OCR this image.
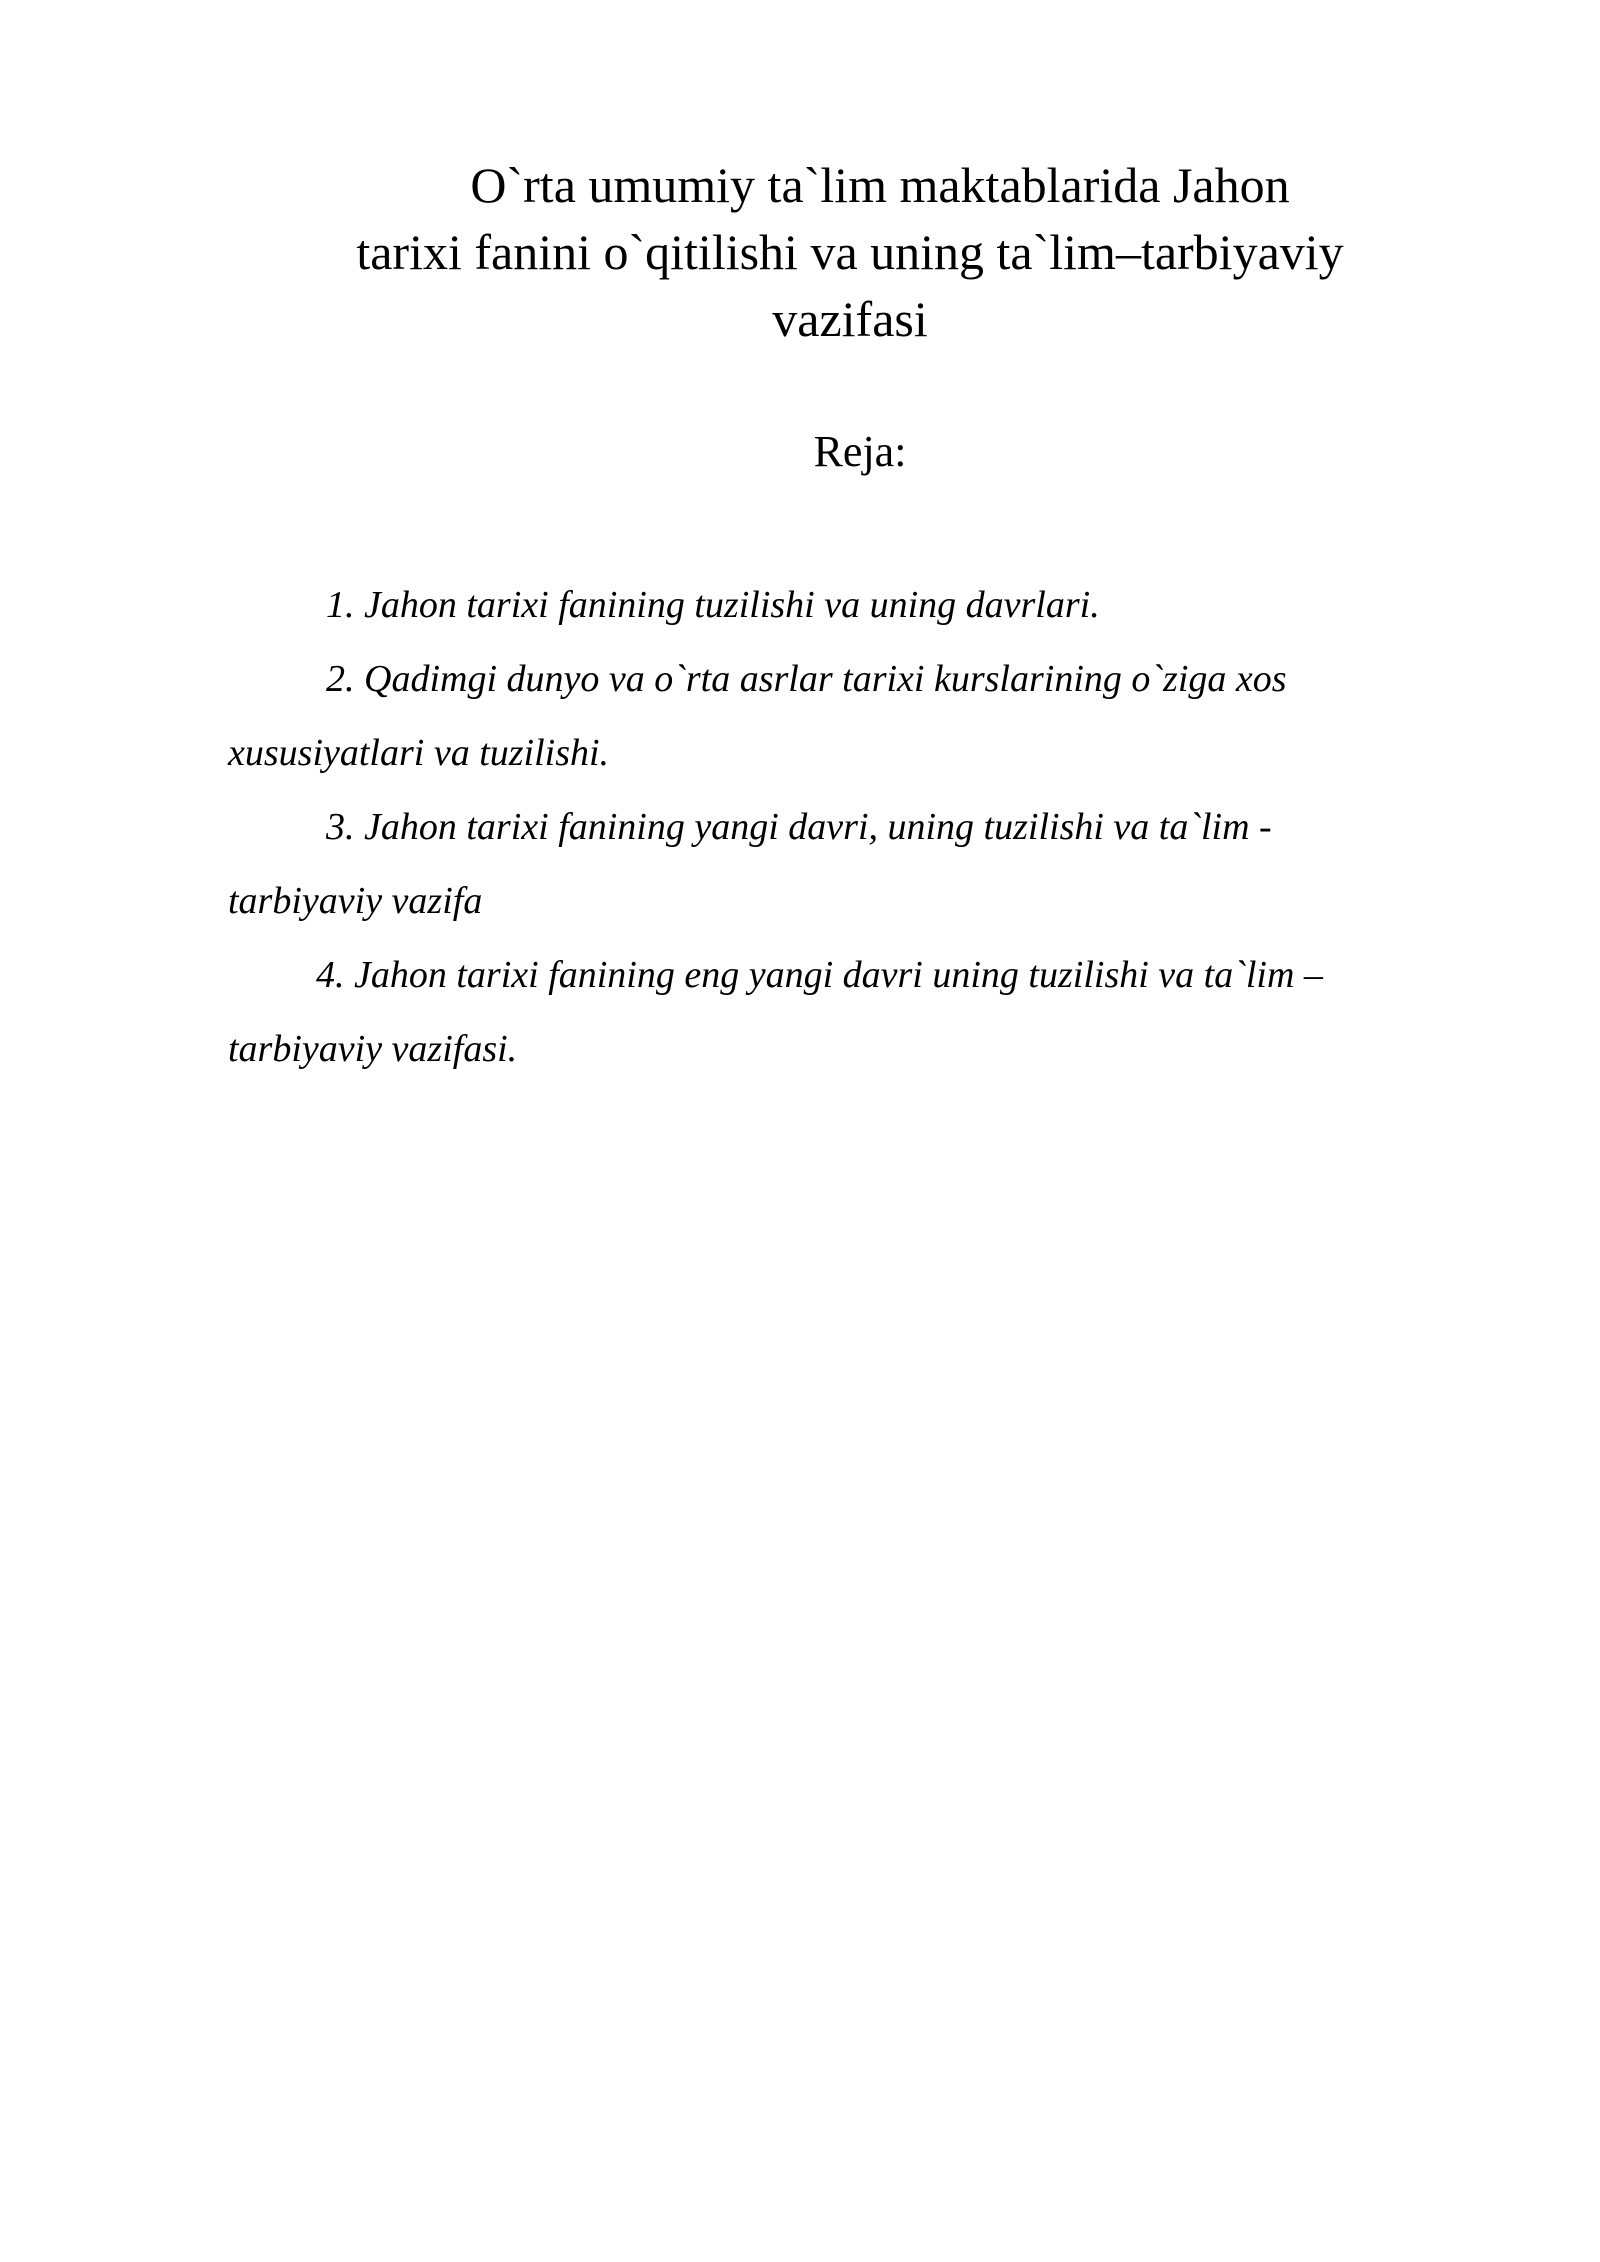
O`rta umumiy ta`lim maktablarida Jahon
tarixi fanini o`qitilishi va uning ta`lim–tarbiyaviy
vazifasi

Reja:

1. Jahon tarixi fanining tuzilishi va uning davrlari.
2. Qadimgi dunyo va o`rta asrlar tarixi kurslarining o`ziga xos
xususiyatlari va tuzilishi.
3. Jahon tarixi fanining yangi davri, uning tuzilishi va ta`lim -
tarbiyaviy vazifa
4. Jahon tarixi fanining eng yangi davri uning tuzilishi va ta`lim –
tarbiyaviy vazifasi.
